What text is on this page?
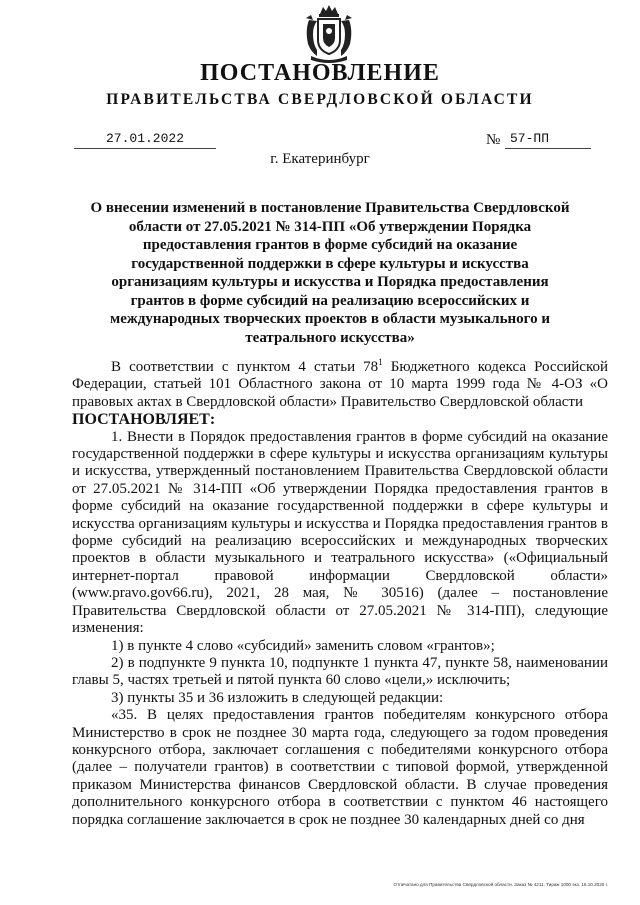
ПОСТАНОВЛЕНИЕ
ПРАВИТЕЛЬСТВА СВЕРДЛОВСКОЙ ОБЛАСТИ
27.01.2022	№ 57-ПП
г. Екатеринбург
О внесении изменений в постановление Правительства Свердловской области от 27.05.2021 № 314-ПП «Об утверждении Порядка предоставления грантов в форме субсидий на оказание государственной поддержки в сфере культуры и искусства организациям культуры и искусства и Порядка предоставления грантов в форме субсидий на реализацию всероссийских и международных творческих проектов в области музыкального и театрального искусства»

В соответствии с пунктом 4 статьи $78^1$ Бюджетного кодекса Российской Федерации, статьей 101 Областного закона от 10 марта 1999 года № 4-ОЗ «О правовых актах в Свердловской области» Правительство Свердловской области

ПОСТАНОВЛЯЕТ:

1. Внести в Порядок предоставления грантов в форме субсидий на оказание государственной поддержки в сфере культуры и искусства организациям культуры и искусства, утвержденный постановлением Правительства Свердловской области от 27.05.2021 № 314-ПП «Об утверждении Порядка предоставления грантов в форме субсидий на оказание государственной поддержки в сфере культуры и искусства организациям культуры и искусства и Порядка предоставления грантов в форме субсидий на реализацию всероссийских и международных творческих проектов в области музыкального и театрального искусства» («Официальный интернет-портал правовой информации Свердловской области» (www.pravo.gov66.ru), 2021, 28 мая, № 30516) (далее – постановление Правительства Свердловской области от 27.05.2021 № 314-ПП), следующие изменения:

1) в пункте 4 слово «субсидий» заменить словом «грантов»;

2) в подпункте 9 пункта 10, подпункте 1 пункта 47, пункте 58, наименовании главы 5, частях третьей и пятой пункта 60 слово «цели,» исключить;

3) пункты 35 и 36 изложить в следующей редакции:

«35. В целях предоставления грантов победителям конкурсного отбора Министерство в срок не позднее 30 марта года, следующего за годом проведения конкурсного отбора, заключает соглашения с победителями конкурсного отбора (далее – получатели грантов) в соответствии с типовой формой, утвержденной приказом Министерства финансов Свердловской области. В случае проведения дополнительного конкурсного отбора в соответствии с пунктом 46 настоящего порядка соглашение заключается в срок не позднее 30 календарных дней со дня

Отпечатано для Правительства Свердловской области. Заказ № 4211. Тираж 1000 экз. 16.10.2020 г.
